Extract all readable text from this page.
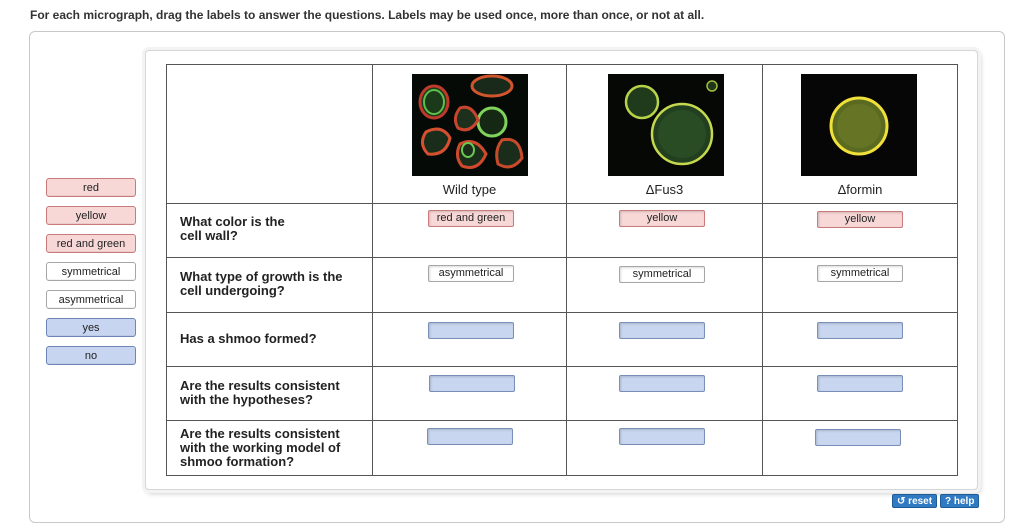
For each micrograph, drag the labels to answer the questions. Labels may be used once, more than once, or not at all.
red
yellow
red and green
symmetrical
asymmetrical
yes
no

	Wild type	ΔFus3	Δformin

What color is the cell wall?	red and green	yellow	yellow

What type of growth is the cell undergoing?	asymmetrical	symmetrical	symmetrical

Has a shmoo formed?			

Are the results consistent with the hypotheses?			

Are the results consistent with the working model of shmoo formation?			

↺ reset	? help
